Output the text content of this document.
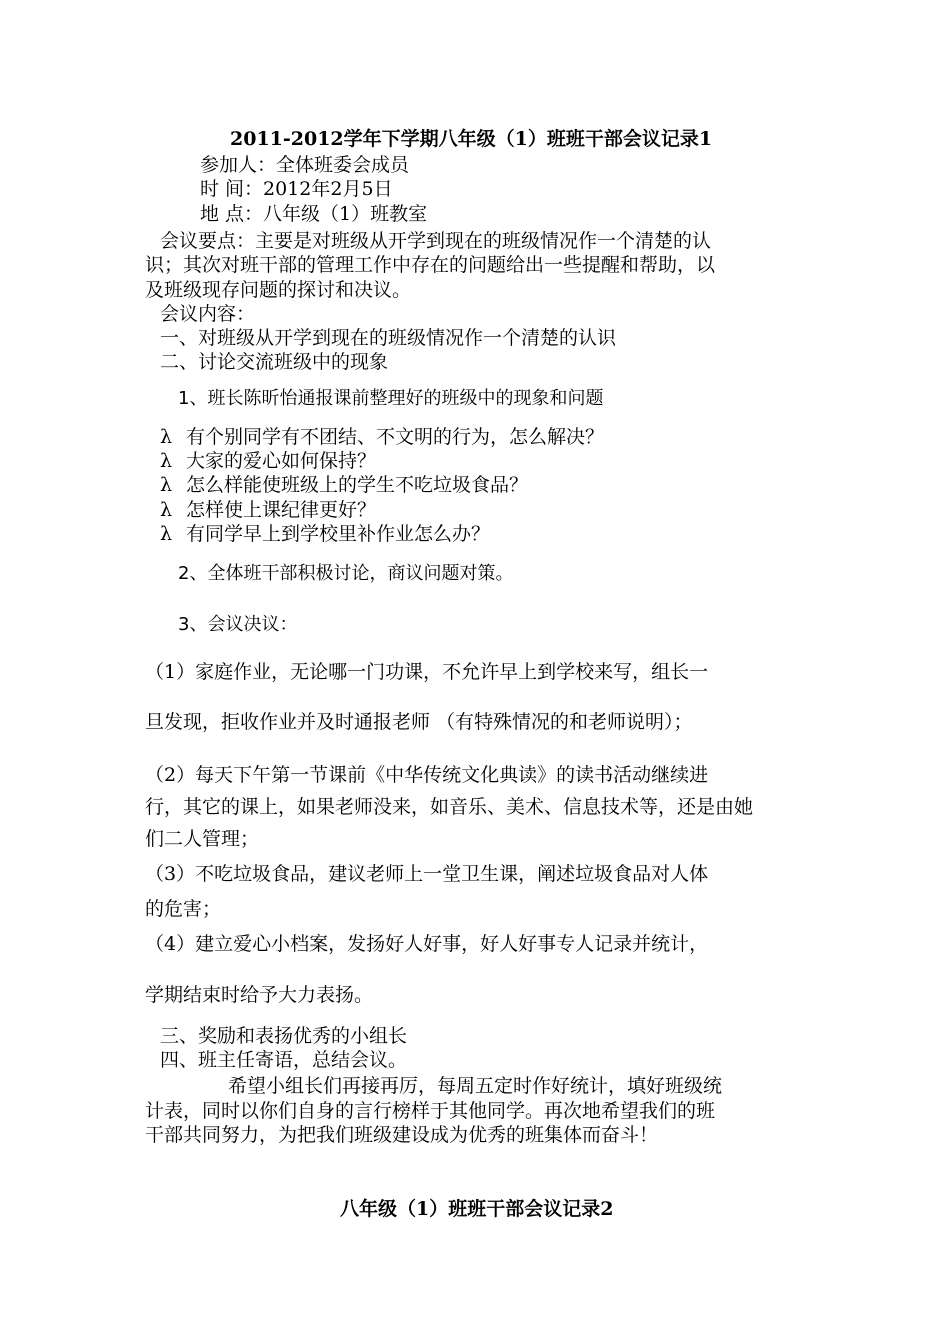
2011-2012学年下学期八年级（1）班班干部会议记录1
参加人：全体班委会成员
时 间：2012年2月5日
地 点：八年级（1）班教室
会议要点：主要是对班级从开学到现在的班级情况作一个清楚的认
识；其次对班干部的管理工作中存在的问题给出一些提醒和帮助，以
及班级现存问题的探讨和决议。
会议内容：
一、对班级从开学到现在的班级情况作一个清楚的认识
二、讨论交流班级中的现象
1、班长陈昕怡通报课前整理好的班级中的现象和问题
λ 有个别同学有不团结、不文明的行为，怎么解决？
λ 大家的爱心如何保持？
λ 怎么样能使班级上的学生不吃垃圾食品？
λ 怎样使上课纪律更好？
λ 有同学早上到学校里补作业怎么办？
2、全体班干部积极讨论，商议问题对策。
3、会议决议：
（1）家庭作业，无论哪一门功课，不允许早上到学校来写，组长一
旦发现，拒收作业并及时通报老师 （有特殊情况的和老师说明）；
（2）每天下午第一节课前《中华传统文化典读》的读书活动继续进
行，其它的课上，如果老师没来，如音乐、美术、信息技术等，还是由她
们二人管理；
（3）不吃垃圾食品，建议老师上一堂卫生课，阐述垃圾食品对人体
的危害；
（4）建立爱心小档案，发扬好人好事，好人好事专人记录并统计，
学期结束时给予大力表扬。
三、奖励和表扬优秀的小组长
四、班主任寄语，总结会议。
希望小组长们再接再厉，每周五定时作好统计，填好班级统
计表，同时以你们自身的言行榜样于其他同学。再次地希望我们的班
干部共同努力，为把我们班级建设成为优秀的班集体而奋斗！
八年级（1）班班干部会议记录2
